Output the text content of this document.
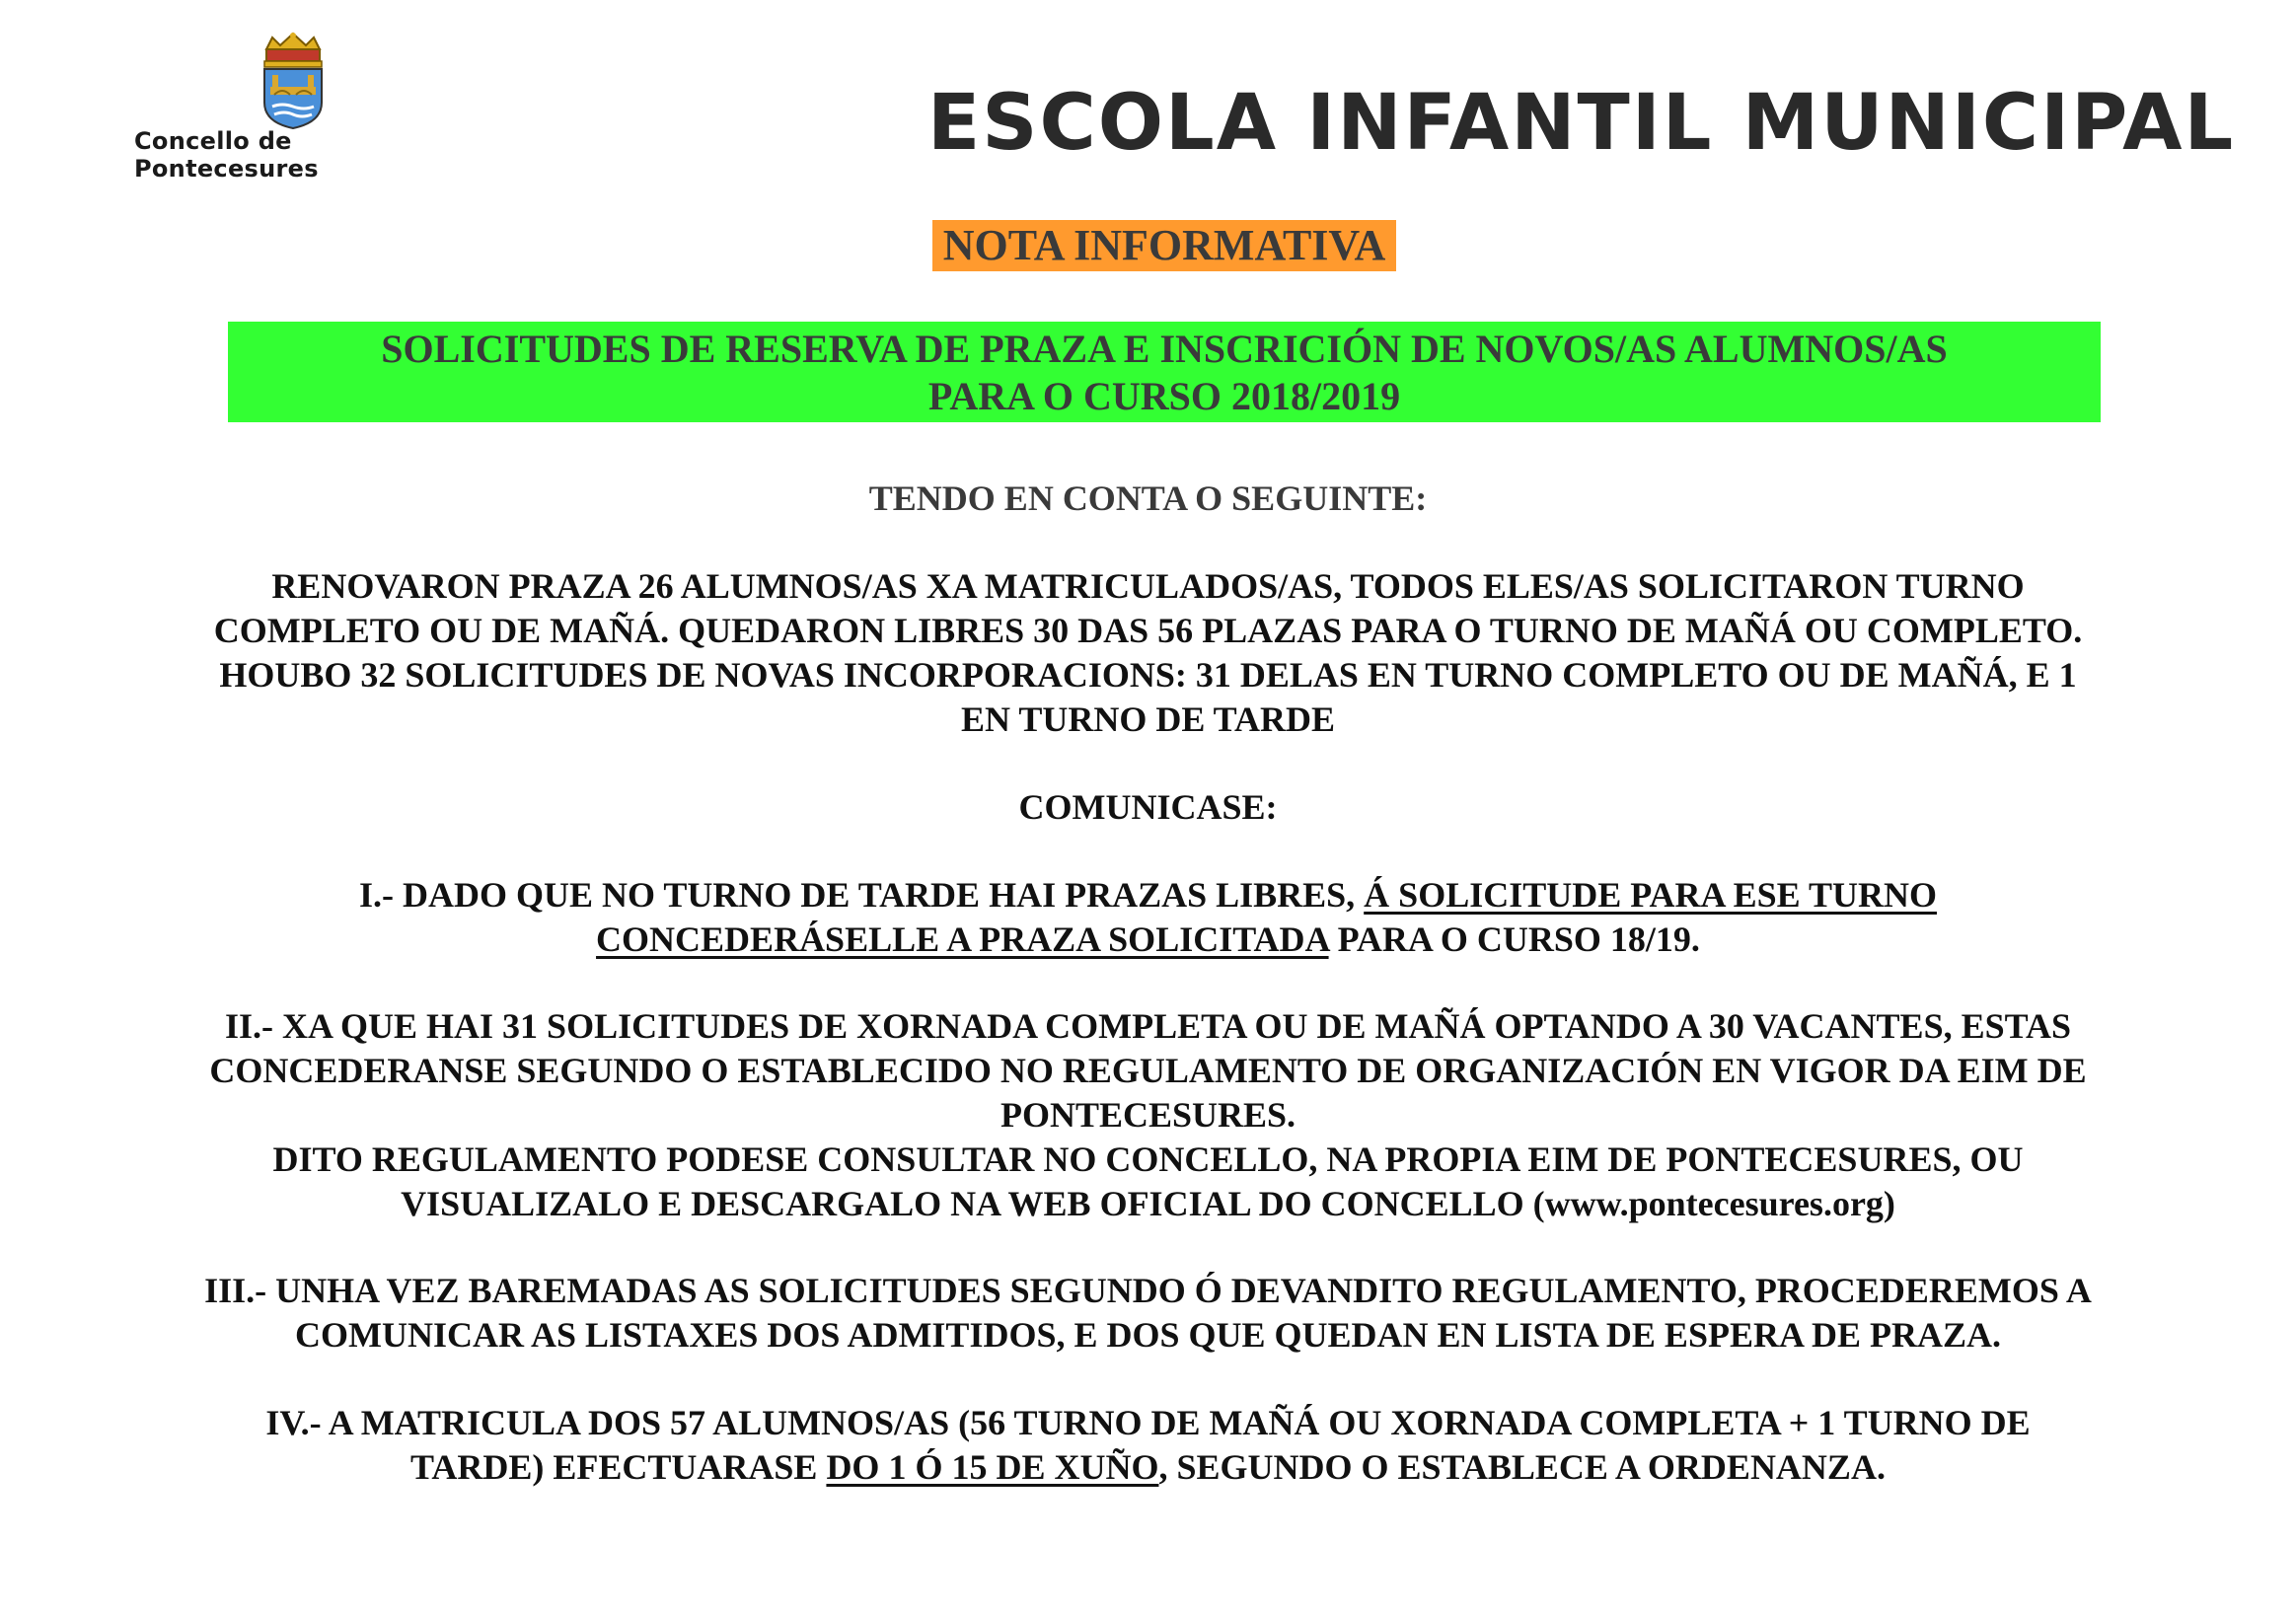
Concello de Pontecesures
ESCOLA INFANTIL MUNICIPAL
NOTA INFORMATIVA
SOLICITUDES DE RESERVA DE PRAZA E INSCRICIÓN DE NOVOS/AS ALUMNOS/AS
PARA O CURSO 2018/2019
TENDO EN CONTA O SEGUINTE:
RENOVARON PRAZA 26 ALUMNOS/AS XA MATRICULADOS/AS, TODOS ELES/AS SOLICITARON TURNO
COMPLETO OU DE MAÑÁ. QUEDARON LIBRES 30 DAS 56 PLAZAS PARA O TURNO DE MAÑÁ OU COMPLETO.
HOUBO 32 SOLICITUDES DE NOVAS INCORPORACIONS: 31 DELAS EN TURNO COMPLETO OU DE MAÑÁ, E 1
EN TURNO DE TARDE
COMUNICASE:
I.- DADO QUE NO TURNO DE TARDE HAI PRAZAS LIBRES, Á SOLICITUDE PARA ESE TURNO
CONCEDERÁSELLE A PRAZA SOLICITADA PARA O CURSO 18/19.
II.- XA QUE HAI 31 SOLICITUDES DE XORNADA COMPLETA OU DE MAÑÁ OPTANDO A 30 VACANTES, ESTAS
CONCEDERANSE SEGUNDO O ESTABLECIDO NO REGULAMENTO DE ORGANIZACIÓN EN VIGOR DA EIM DE
PONTECESURES.
DITO REGULAMENTO PODESE CONSULTAR NO CONCELLO, NA PROPIA EIM DE PONTECESURES, OU
VISUALIZALO E DESCARGALO NA WEB OFICIAL DO CONCELLO (www.pontecesures.org)
III.- UNHA VEZ BAREMADAS AS SOLICITUDES SEGUNDO Ó DEVANDITO REGULAMENTO, PROCEDEREMOS A
COMUNICAR AS LISTAXES DOS ADMITIDOS, E DOS QUE QUEDAN EN LISTA DE ESPERA DE PRAZA.
IV.- A MATRICULA DOS 57 ALUMNOS/AS (56 TURNO DE MAÑÁ OU XORNADA COMPLETA + 1 TURNO DE
TARDE) EFECTUARASE DO 1 Ó 15 DE XUÑO, SEGUNDO O ESTABLECE A ORDENANZA.
